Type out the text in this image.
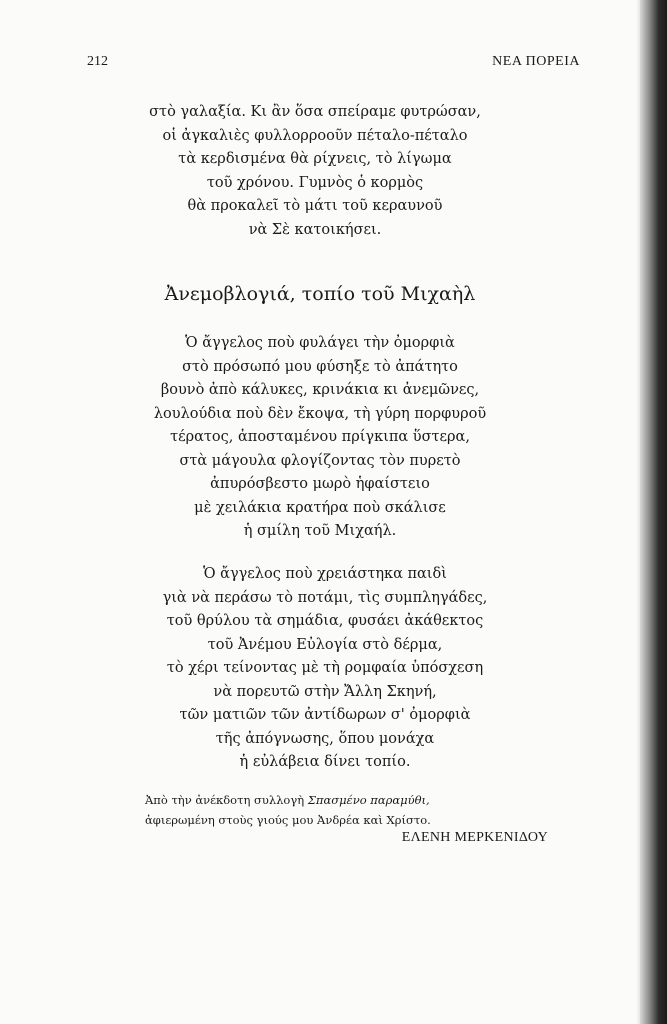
212	ΝΕΑ ΠΟΡΕΙΑ
στὸ γαλαξία. Κι ἂν ὅσα σπείραμε φυτρώσαν,
οἱ ἀγκαλιὲς φυλλορροοῦν πέταλο-πέταλο
τὰ κερδισμένα θὰ ρίχνεις, τὸ λίγωμα
τοῦ χρόνου. Γυμνὸς ὁ κορμὸς
θὰ προκαλεῖ τὸ μάτι τοῦ κεραυνοῦ
νὰ Σὲ κατοικήσει.
Ἀνεμοβλογιά, τοπίο τοῦ Μιχαὴλ
Ὁ ἄγγελος ποὺ φυλάγει τὴν ὀμορφιὰ
στὸ πρόσωπό μου φύσηξε τὸ ἀπάτητο
βουνὸ ἀπὸ κάλυκες, κρινάκια κι ἀνεμῶνες,
λουλούδια ποὺ δὲν ἔκοψα, τὴ γύρη πορφυροῦ
τέρατος, ἀποσταμένου πρίγκιπα ὕστερα,
στὰ μάγουλα φλογίζοντας τὸν πυρετὸ
ἀπυρόσβεστο μωρὸ ἡφαίστειο
μὲ χειλάκια κρατήρα ποὺ σκάλισε
ἡ σμίλη τοῦ Μιχαήλ.
Ὁ ἄγγελος ποὺ χρειάστηκα παιδὶ
γιὰ νὰ περάσω τὸ ποτάμι, τὶς συμπληγάδες,
τοῦ θρύλου τὰ σημάδια, φυσάει ἀκάθεκτος
τοῦ Ἀνέμου Εὐλογία στὸ δέρμα,
τὸ χέρι τείνοντας μὲ τὴ ρομφαία ὑπόσχεση
νὰ πορευτῶ στὴν Ἄλλη Σκηνή,
τῶν ματιῶν τῶν ἀντίδωρων σ' ὀμορφιὰ
τῆς ἀπόγνωσης, ὅπου μονάχα
ἡ εὐλάβεια δίνει τοπίο.
Ἀπὸ τὴν ἀνέκδοτη συλλογὴ Σπασμένο παραμύθι,
ἀφιερωμένη στοὺς γιούς μου Ἀνδρέα καὶ Χρίστο.
ΕΛΕΝΗ ΜΕΡΚΕΝΙΔΟΥ
